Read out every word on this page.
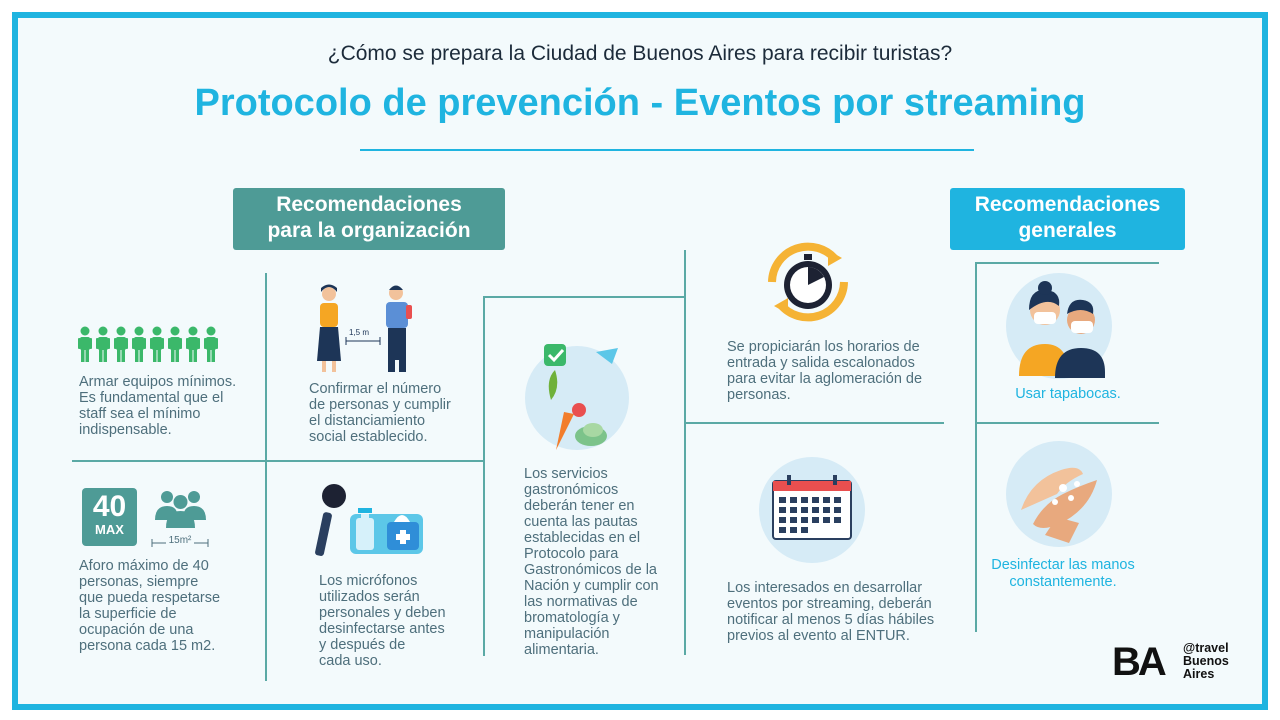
¿Cómo se prepara la Ciudad de Buenos Aires para recibir turistas?
Protocolo de prevención - Eventos por streaming
Recomendaciones
para la organización
Recomendaciones
generales
Armar equipos mínimos.
Es fundamental que el
staff sea el mínimo
indispensable.
1,5 m
Confirmar el número
de personas y cumplir
el distanciamiento
social establecido.
40
MAX
15m²
Aforo máximo de 40
personas, siempre
que pueda respetarse
la superficie de
ocupación de una
persona cada 15 m2.
Los micrófonos
utilizados serán
personales y deben
desinfectarse antes
y después de
cada uso.
Los servicios
gastronómicos
deberán tener en
cuenta las pautas
establecidas en el
Protocolo para
Gastronómicos de la
Nación y cumplir con
las normativas de
bromatología y
manipulación
alimentaria.
Se propiciarán los horarios de
entrada y salida escalonados
para evitar la aglomeración de
personas.
Los interesados en desarrollar
eventos por streaming, deberán
notificar al menos 5 días hábiles
previos al evento al ENTUR.
Usar tapabocas.
Desinfectar las manos
constantemente.
BA @travel
Buenos
Aires
